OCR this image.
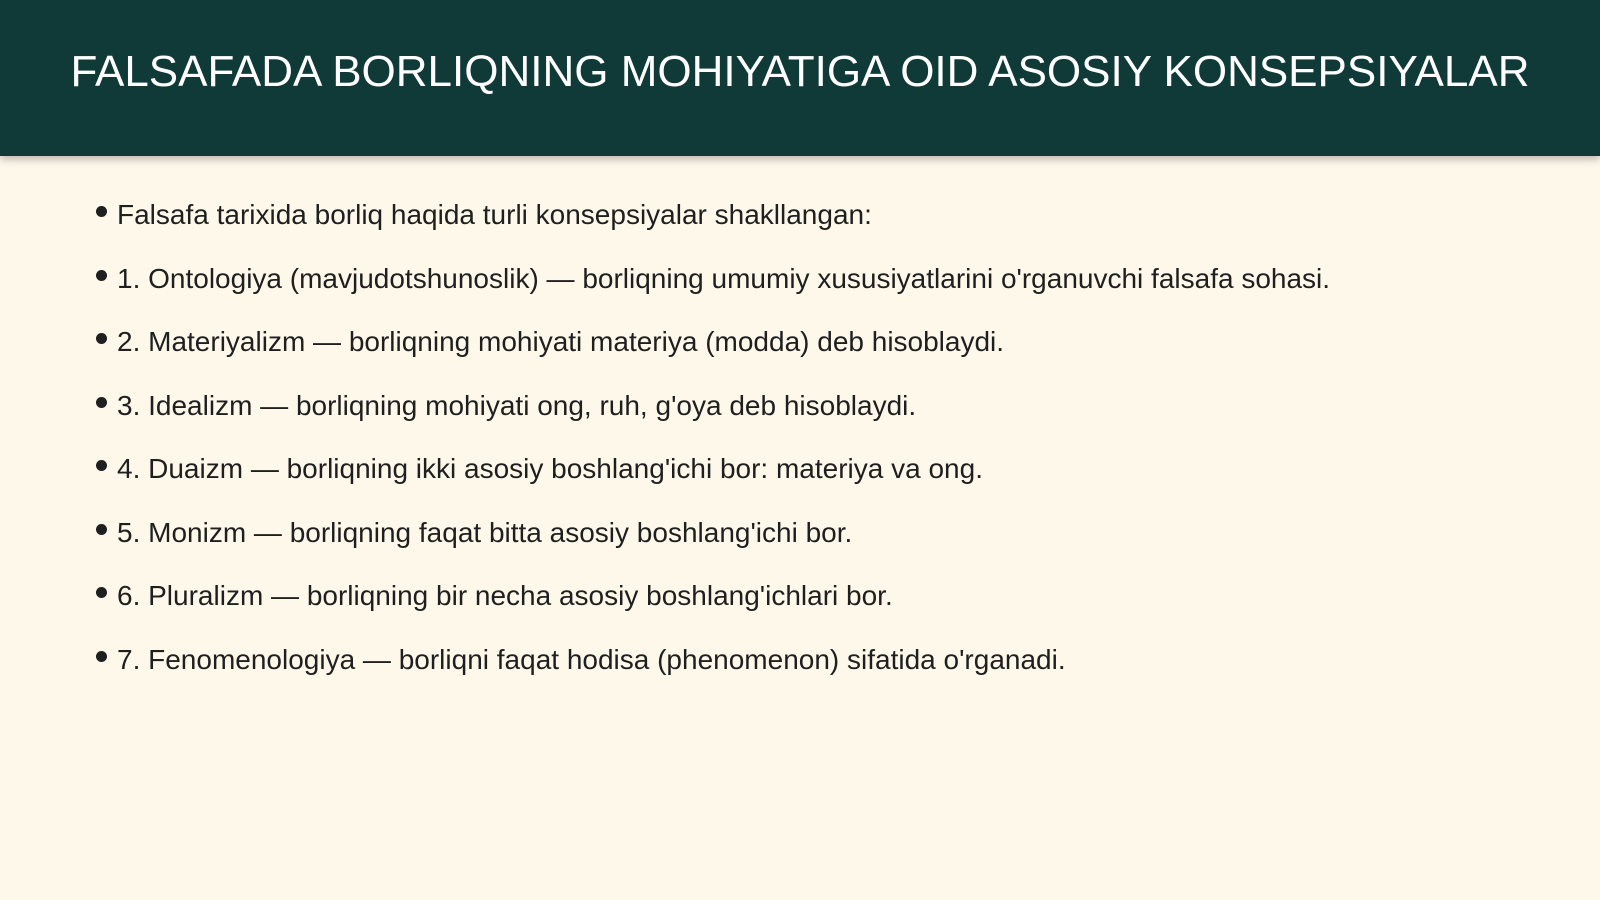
FALSAFADA BORLIQNING MOHIYATIGA OID ASOSIY KONSEPSIYALAR
Falsafa tarixida borliq haqida turli konsepsiyalar shakllangan:
1. Ontologiya (mavjudotshunoslik) — borliqning umumiy xususiyatlarini o'rganuvchi falsafa sohasi.
2. Materiyalizm — borliqning mohiyati materiya (modda) deb hisoblaydi.
3. Idealizm — borliqning mohiyati ong, ruh, g'oya deb hisoblaydi.
4. Duaizm — borliqning ikki asosiy boshlang'ichi bor: materiya va ong.
5. Monizm — borliqning faqat bitta asosiy boshlang'ichi bor.
6. Pluralizm — borliqning bir necha asosiy boshlang'ichlari bor.
7. Fenomenologiya — borliqni faqat hodisa (phenomenon) sifatida o'rganadi.
